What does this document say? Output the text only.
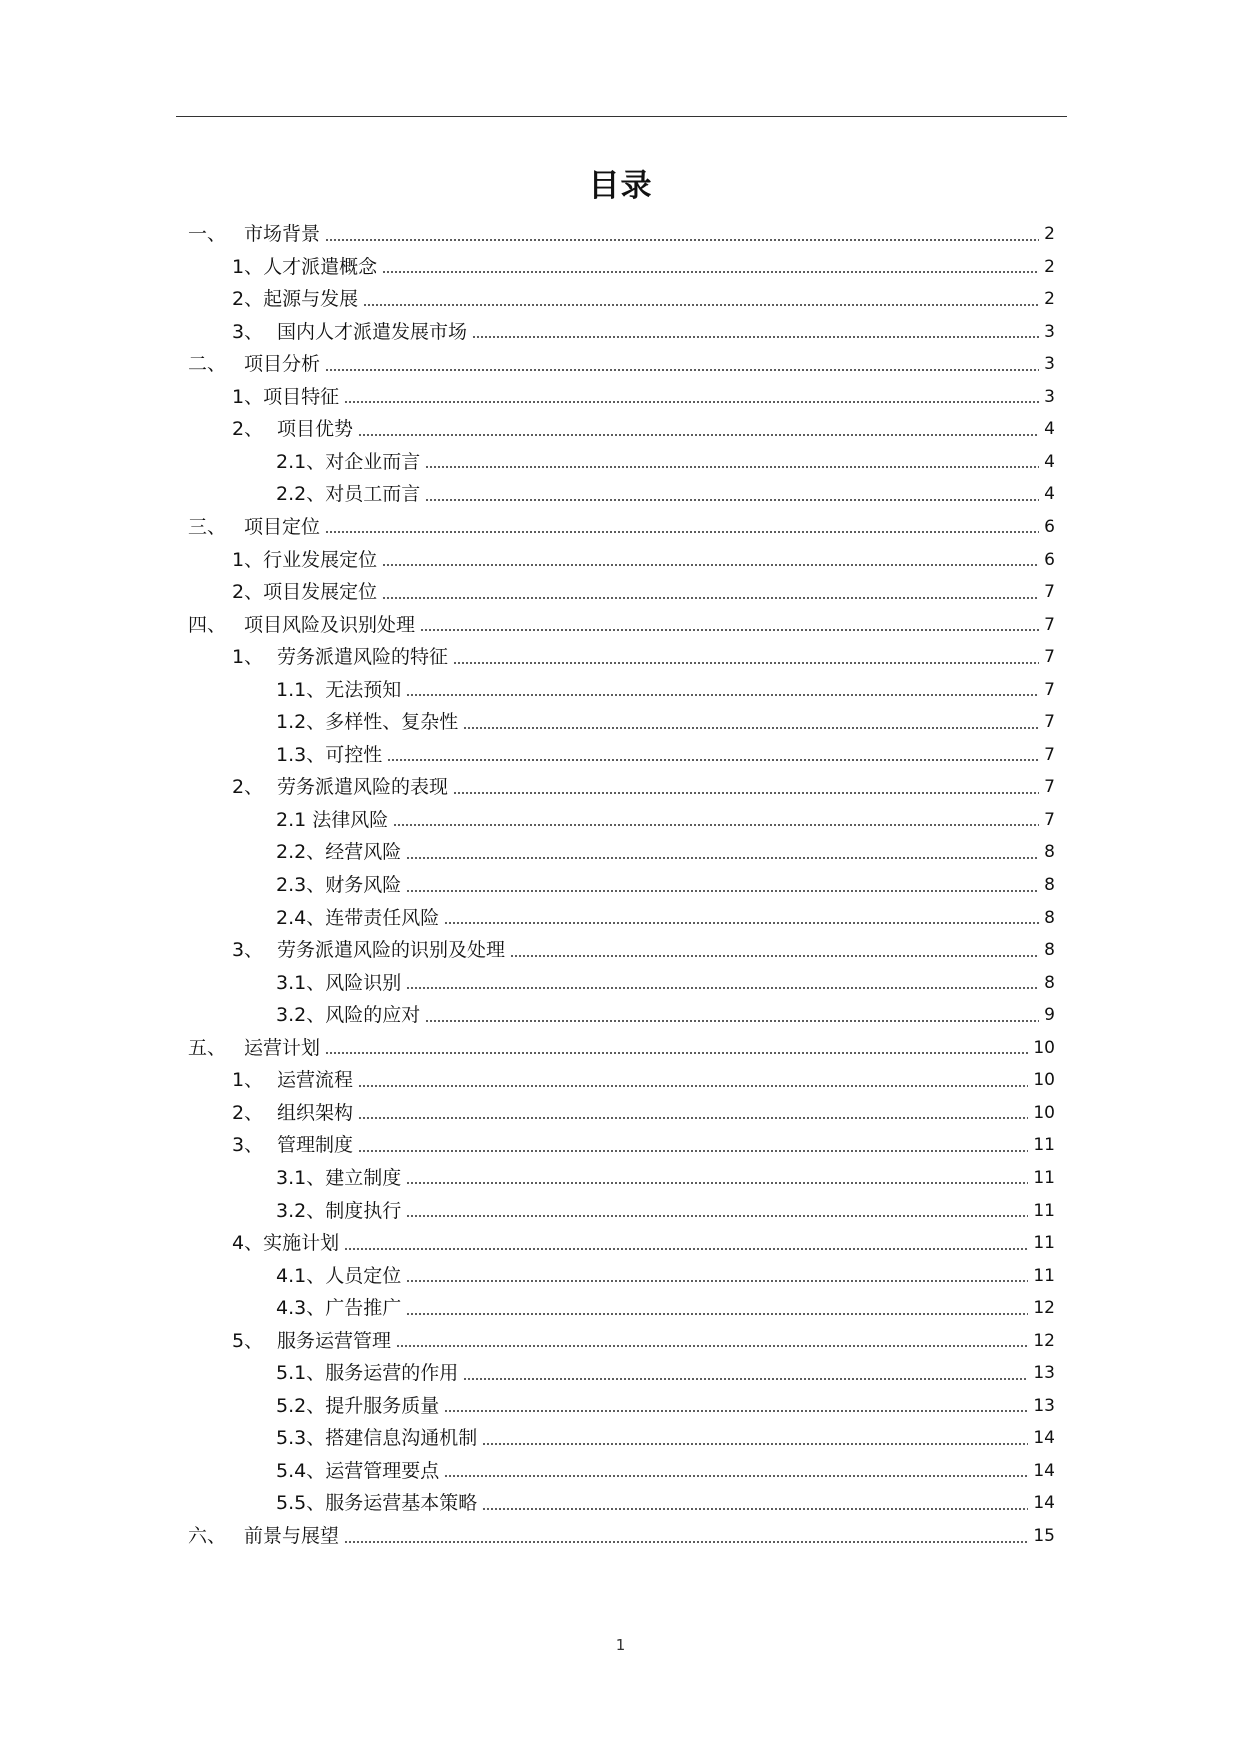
目录
一、 市场背景	2
1、 人才派遣概念	2
2、 起源与发展	2
3、 国内人才派遣发展市场	3
二、 项目分析	3
1、 项目特征	3
2、 项目优势	4
2.1、对企业而言	4
2.2、对员工而言	4
三、 项目定位	6
1、 行业发展定位	6
2、 项目发展定位	7
四、 项目风险及识别处理	7
1、 劳务派遣风险的特征	7
1.1、无法预知	7
1.2、多样性、复杂性	7
1.3、可控性	7
2、 劳务派遣风险的表现	7
2.1 法律风险	7
2.2、经营风险	8
2.3、财务风险	8
2.4、连带责任风险	8
3、 劳务派遣风险的识别及处理	8
3.1、风险识别	8
3.2、风险的应对	9
五、 运营计划	10
1、 运营流程	10
2、 组织架构	10
3、 管理制度	11
3.1、建立制度	11
3.2、制度执行	11
4、 实施计划	11
4.1、人员定位	11
4.3、广告推广	12
5、 服务运营管理	12
5.1、服务运营的作用	13
5.2、提升服务质量	13
5.3、搭建信息沟通机制	14
5.4、运营管理要点	14
5.5、服务运营基本策略	14
六、 前景与展望	15
1
